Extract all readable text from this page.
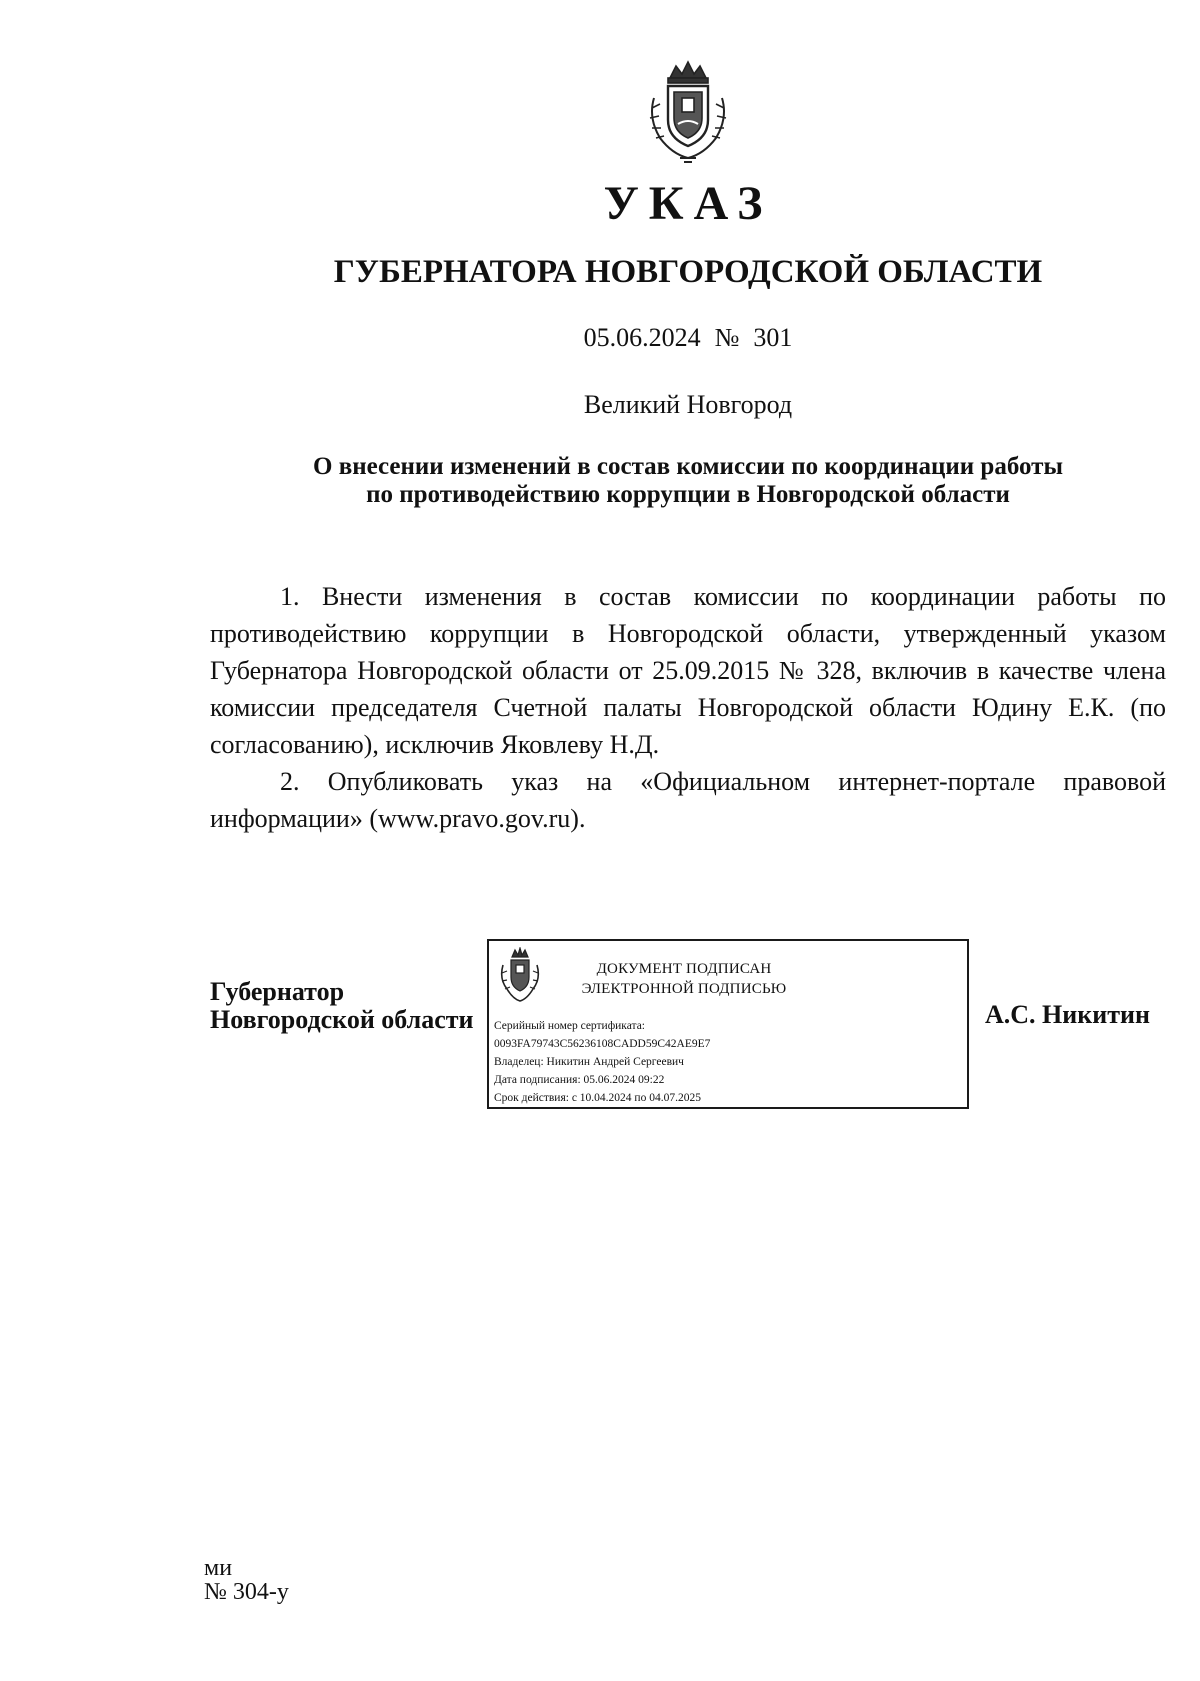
УКАЗ
ГУБЕРНАТОРА НОВГОРОДСКОЙ ОБЛАСТИ
05.06.2024 № 301
Великий Новгород
О внесении изменений в состав комиссии по координации работы
по противодействию коррупции в Новгородской области

1. Внести изменения в состав комиссии по координации работы по противодействию коррупции в Новгородской области, утвержденный указом Губернатора Новгородской области от 25.09.2015 № 328, включив в качестве члена комиссии председателя Счетной палаты Новгородской области Юдину Е.К. (по согласованию), исключив Яковлеву Н.Д.

2. Опубликовать указ на «Официальном интернет-портале правовой информации» (www.pravo.gov.ru).

Губернатор
Новгородской области
ДОКУМЕНТ ПОДПИСАН
ЭЛЕКТРОННОЙ ПОДПИСЬЮ
Серийный номер сертификата:
0093FA79743C56236108CADD59C42AE9E7
Владелец: Никитин Андрей Сергеевич
Дата подписания: 05.06.2024 09:22
Срок действия: с 10.04.2024 по 04.07.2025
А.С. Никитин
ми
№ 304-у
